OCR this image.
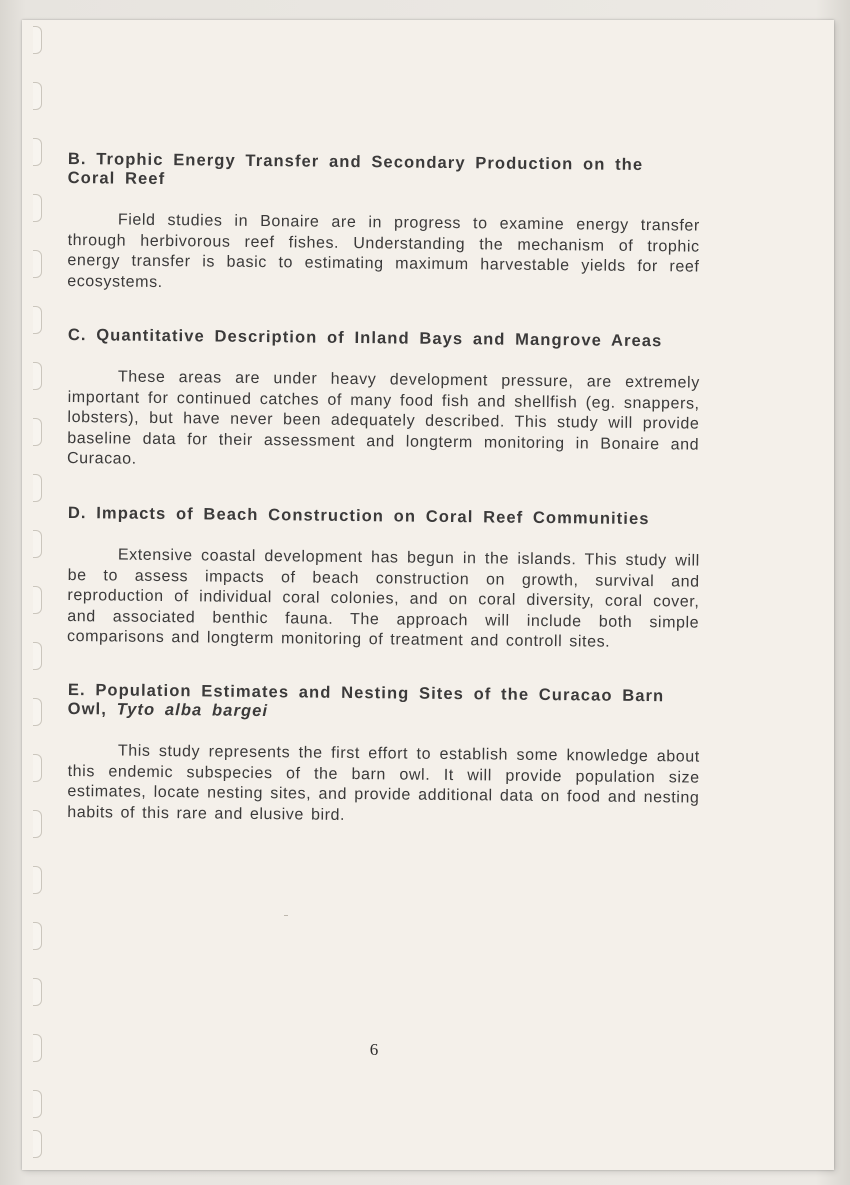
B. Trophic Energy Transfer and Secondary Production on the Coral Reef

Field studies in Bonaire are in progress to examine energy transfer through herbivorous reef fishes. Understanding the mechanism of trophic energy transfer is basic to estimating maximum harvestable yields for reef ecosystems.

C. Quantitative Description of Inland Bays and Mangrove Areas

These areas are under heavy development pressure, are extremely important for continued catches of many food fish and shellfish (eg. snappers, lobsters), but have never been adequately described. This study will provide baseline data for their assessment and longterm monitoring in Bonaire and Curacao.

D. Impacts of Beach Construction on Coral Reef Communities

Extensive coastal development has begun in the islands. This study will be to assess impacts of beach construction on growth, survival and reproduction of individual coral colonies, and on coral diversity, coral cover, and associated benthic fauna. The approach will include both simple comparisons and longterm monitoring of treatment and controll sites.

E. Population Estimates and Nesting Sites of the Curacao Barn Owl, Tyto alba bargei

This study represents the first effort to establish some knowledge about this endemic subspecies of the barn owl. It will provide population size estimates, locate nesting sites, and provide additional data on food and nesting habits of this rare and elusive bird.

6
